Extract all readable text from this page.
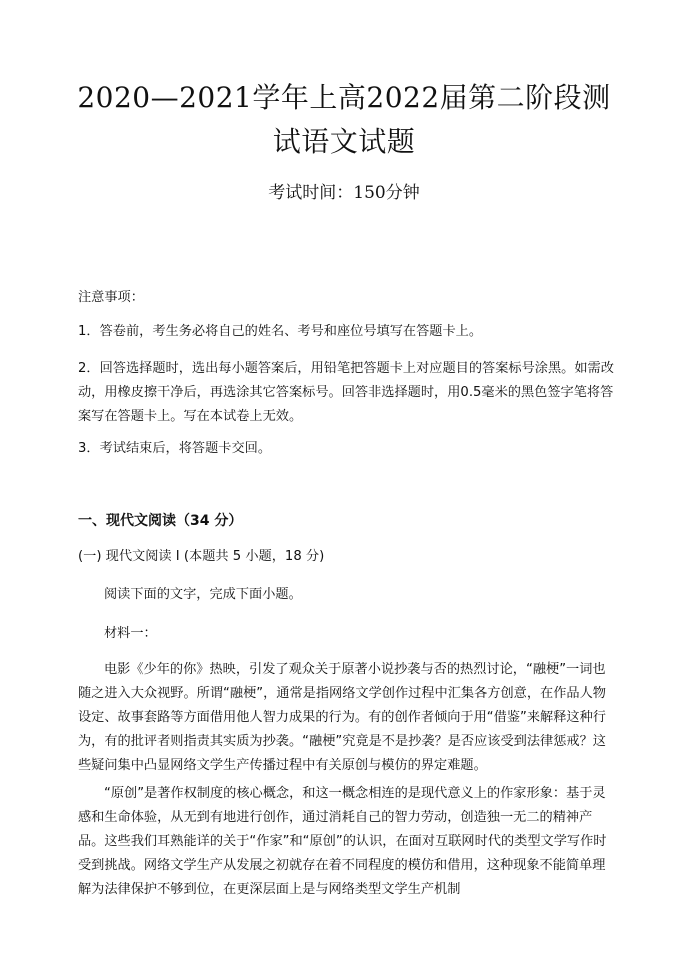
2020—2021学年上高2022届第二阶段测
试语文试题
考试时间：150分钟
注意事项：
1．答卷前，考生务必将自己的姓名、考号和座位号填写在答题卡上。
2．回答选择题时，选出每小题答案后，用铅笔把答题卡上对应题目的答案标号涂黑。如需改动，用橡皮擦干净后，再选涂其它答案标号。回答非选择题时，用0.5毫米的黑色签字笔将答案写在答题卡上。写在本试卷上无效。
3．考试结束后，将答题卡交回。
一、现代文阅读（34 分）
(一) 现代文阅读 I (本题共 5 小题，18 分)
阅读下面的文字，完成下面小题。
材料一：
电影《少年的你》热映，引发了观众关于原著小说抄袭与否的热烈讨论，“融梗”一词也随之进入大众视野。所谓“融梗”，通常是指网络文学创作过程中汇集各方创意，在作品人物设定、故事套路等方面借用他人智力成果的行为。有的创作者倾向于用“借鉴”来解释这种行为，有的批评者则指责其实质为抄袭。“融梗”究竟是不是抄袭？是否应该受到法律惩戒？这些疑问集中凸显网络文学生产传播过程中有关原创与模仿的界定难题。
“原创”是著作权制度的核心概念，和这一概念相连的是现代意义上的作家形象：基于灵感和生命体验，从无到有地进行创作，通过消耗自己的智力劳动，创造独一无二的精神产品。这些我们耳熟能详的关于“作家”和“原创”的认识，在面对互联网时代的类型文学写作时受到挑战。网络文学生产从发展之初就存在着不同程度的模仿和借用，这种现象不能简单理解为法律保护不够到位，在更深层面上是与网络类型文学生产机制
